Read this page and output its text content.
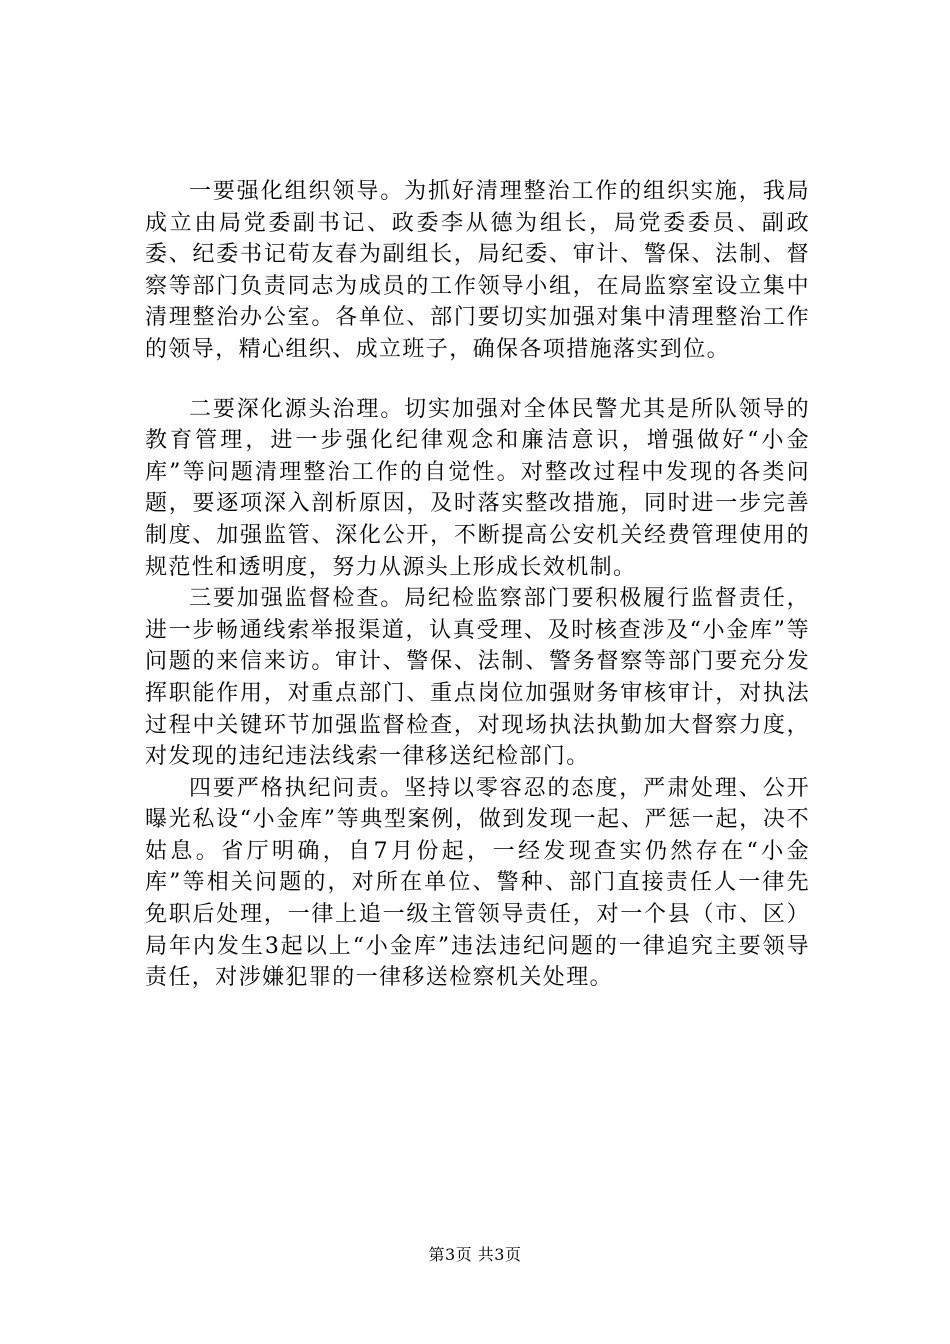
一要强化组织领导。为抓好清理整治工作的组织实施，我局成立由局党委副书记、政委李从德为组长，局党委委员、副政委、纪委书记荀友春为副组长，局纪委、审计、警保、法制、督察等部门负责同志为成员的工作领导小组，在局监察室设立集中清理整治办公室。各单位、部门要切实加强对集中清理整治工作的领导，精心组织、成立班子，确保各项措施落实到位。

二要深化源头治理。切实加强对全体民警尤其是所队领导的教育管理，进一步强化纪律观念和廉洁意识，增强做好“小金库”等问题清理整治工作的自觉性。对整改过程中发现的各类问题，要逐项深入剖析原因，及时落实整改措施，同时进一步完善制度、加强监管、深化公开，不断提高公安机关经费管理使用的规范性和透明度，努力从源头上形成长效机制。

三要加强监督检查。局纪检监察部门要积极履行监督责任，进一步畅通线索举报渠道，认真受理、及时核查涉及“小金库”等问题的来信来访。审计、警保、法制、警务督察等部门要充分发挥职能作用，对重点部门、重点岗位加强财务审核审计，对执法过程中关键环节加强监督检查，对现场执法执勤加大督察力度，对发现的违纪违法线索一律移送纪检部门。

四要严格执纪问责。坚持以零容忍的态度，严肃处理、公开曝光私设“小金库”等典型案例，做到发现一起、严惩一起，决不姑息。省厅明确，自7月份起，一经发现查实仍然存在“小金库”等相关问题的，对所在单位、警种、部门直接责任人一律先免职后处理，一律上追一级主管领导责任，对一个县（市、区）局年内发生3起以上“小金库”违法违纪问题的一律追究主要领导责任，对涉嫌犯罪的一律移送检察机关处理。

第3页 共3页
